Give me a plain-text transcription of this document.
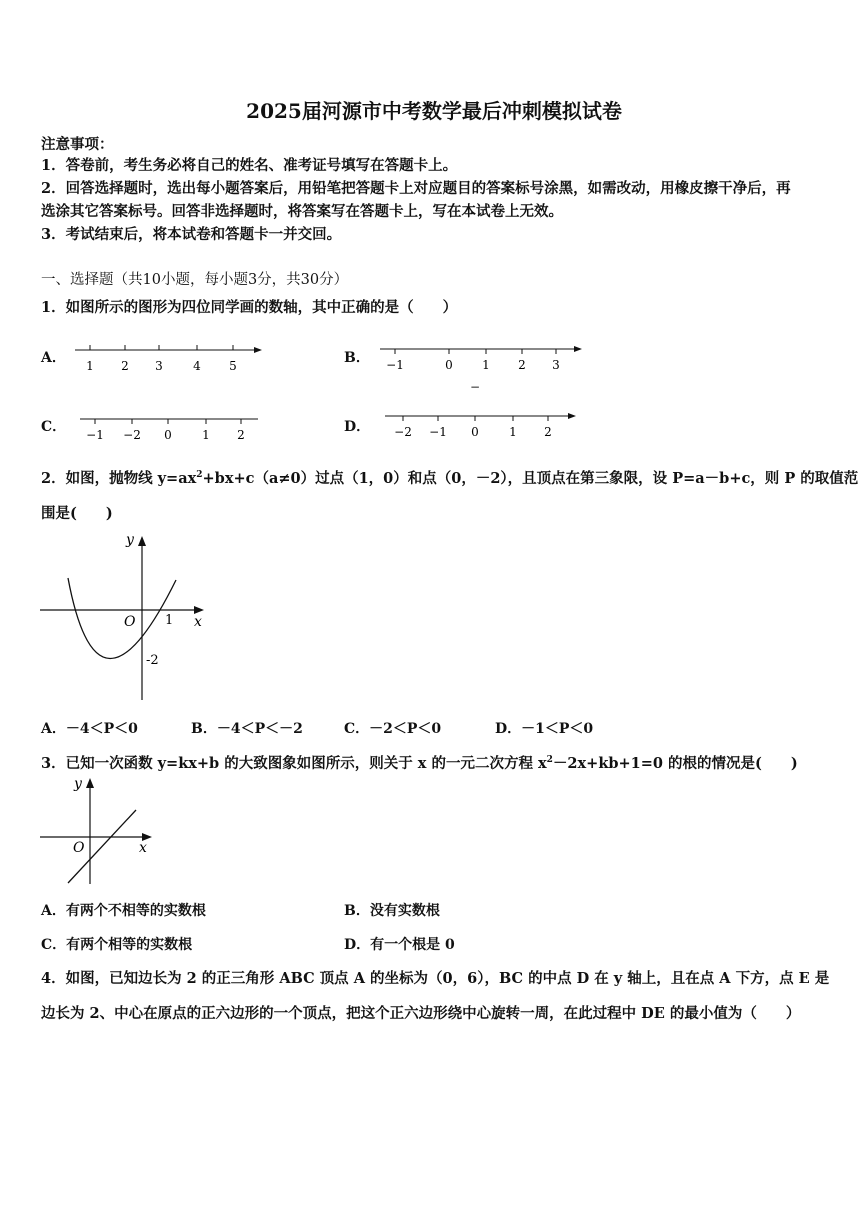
2025届河源市中考数学最后冲刺模拟试卷
注意事项：
1．答卷前，考生务必将自己的姓名、准考证号填写在答题卡上。
2．回答选择题时，选出每小题答案后，用铅笔把答题卡上对应题目的答案标号涂黑，如需改动，用橡皮擦干净后，再
选涂其它答案标号。回答非选择题时，将答案写在答题卡上，写在本试卷上无效。
3．考试结束后，将本试卷和答题卡一并交回。
一、选择题（共10小题，每小题3分，共30分）
1．如图所示的图形为四位同学画的数轴，其中正确的是（　　）
A． 1 2 3	4 5	B． −1	0 1 2 3
−
C． −1 −2 0	1 2	D． −2 −1 0	1 2
2．如图，抛物线 $y=ax^2+bx+c(a\ne 0)$过点（1，0）和点（0，－2），且顶点在第三象限，设 P=a－b+c，则 P 的取值范
围是(　　)
y
x
O 1
-2
A．－4＜P＜0	B．－4＜P＜－2	C．－2＜P＜0	D．－1＜P＜0
3．已知一次函数 y=kx+b 的大致图象如图所示，则关于 x 的一元二次方程 $x^2-2x+kb+1=0$ 的根的情况是(　　)
y
x
O
A．有两个不相等的实数根	B．没有实数根
C．有两个相等的实数根	D．有一个根是 0
4．如图，已知边长为 2 的正三角形 ABC 顶点 A 的坐标为（0，6），BC 的中点 D 在 y 轴上，且在点 A 下方，点 E 是
边长为 2、中心在原点的正六边形的一个顶点，把这个正六边形绕中心旋转一周，在此过程中 DE 的最小值为（　　）
